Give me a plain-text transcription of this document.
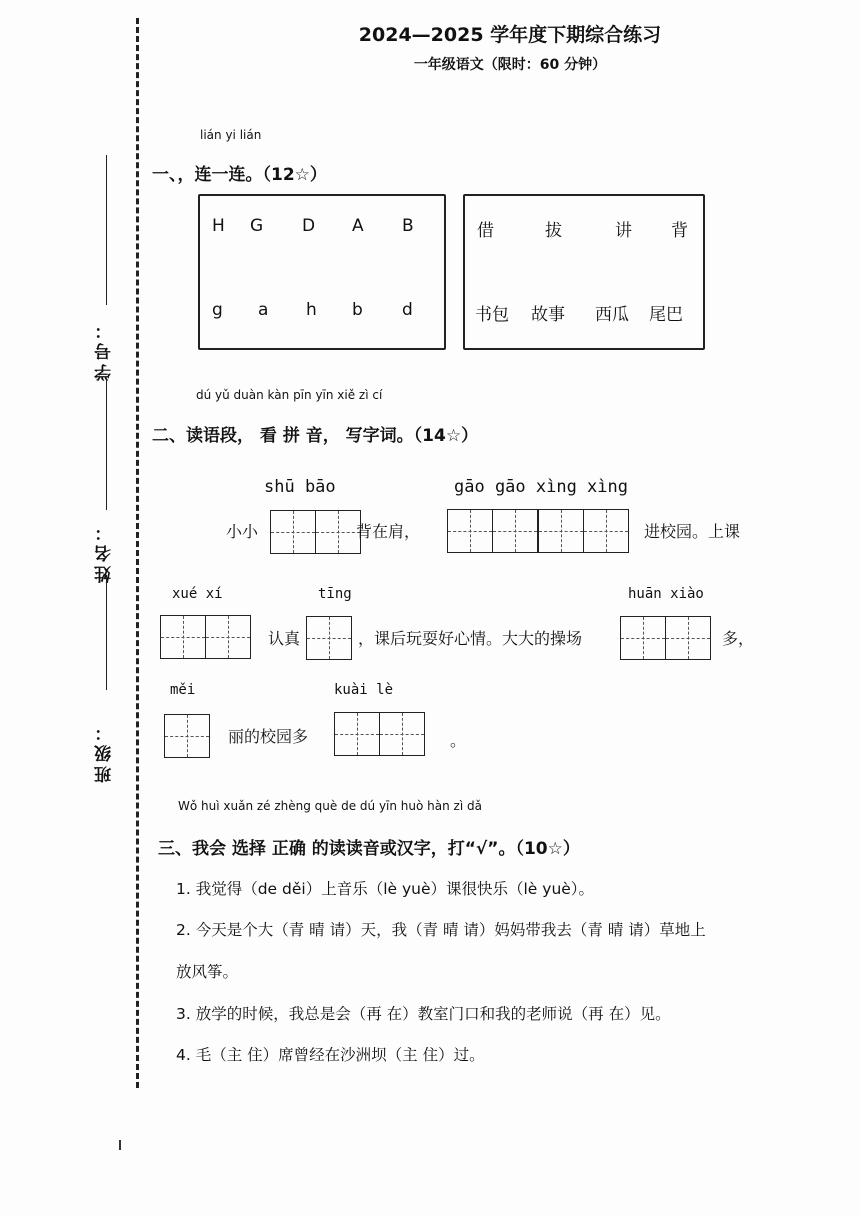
学号：
姓名：
班级：
2024—2025 学年度下期综合练习
一年级语文（限时：60 分钟）
lián yi lián
一、，连一连。（12☆）
H G D A B
g a h b d
借	拔	讲 背
书包 故事 西瓜 尾巴
dú yǔ duàn kàn pīn yīn xiě zì cí
二、读语段， 看 拼 音， 写字词。（14☆）
shū bāo	gāo gāo xìng xìng
小小	背在肩，	进校园。上课
xué xí	tīng	huān xiào
认真	，课后玩耍好心情。大大的操场	多，
měi	kuài lè
丽的校园多	。
Wǒ huì xuǎn zé zhèng què de dú yīn huò hàn zì dǎ
三、我会 选择 正确 的读读音或汉字，打“√”。（10☆）
1. 我觉得（de děi）上音乐（lè yuè）课很快乐（lè yuè）。
2. 今天是个大（青 晴 请）天，我（青 晴 请）妈妈带我去（青 晴 请）草地上
放风筝。
3. 放学的时候，我总是会（再 在）教室门口和我的老师说（再 在）见。
4. 毛（主 住）席曾经在沙洲坝（主 住）过。
